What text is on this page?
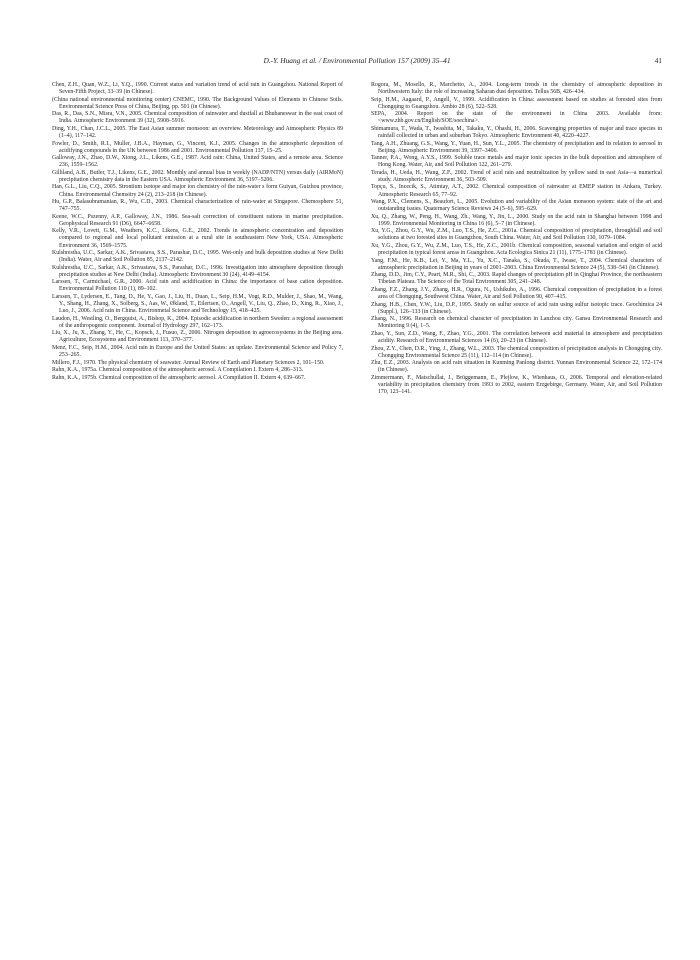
D.-Y. Huang et al. / Environmental Pollution 157 (2009) 35–41	41

Chen, Z.H., Quan, W.Z., Li, Y.Q., 1990. Current status and variation trend of acid rain in Guangzhou. National Report of Seven-Fifth Project, 33–39 (in Chinese).

(China national environmental monitoring center) CNEMC, 1990. The Background Values of Elements in Chinese Soils. Environmental Science Press of China, Beijing, pp. 501 (in Chinese).

Das, R., Das, S.N., Misra, V.N., 2005. Chemical composition of rainwater and dustfall at Bhubaneswar in the east coast of India. Atmospheric Environment 39 (32), 5908–5916.

Ding, Y.H., Chan, J.C.L., 2005. The East Asian summer monsoon: an overview. Meteorology and Atmospheric Physics 89 (1–4), 117–142.

Fowler, D., Smith, R.I., Muller, J.B.A., Hayman, G., Vincent, K.J., 2005. Changes in the atmospheric deposition of acidifying compounds in the UK between 1986 and 2001. Environmental Pollution 137, 15–25.

Galloway, J.N., Zhao, D.W., Xiong, J.L., Likens, G.E., 1987. Acid rain: China, United States, and a remote area. Science 236, 1559–1562.

Gilliland, A.B., Butler, T.J., Likens, G.E., 2002. Monthly and annual bias in weekly (NADP/NTN) versus daily (AIRMoN) precipitation chemistry data in the Eastern USA. Atmospheric Environment 36, 5197–5206.

Han, G.L., Liu, C.Q., 2005. Strontium isotope and major ion chemistry of the rain-water s form Guiyan, Guizhou province, China. Environmental Chemsitry 24 (2), 213–218 (in Chinese).

Hu, G.P., Balasubramanian, R., Wu, C.D., 2003. Chemical characterization of rain-water at Singapore. Chemosphere 51, 747–755.

Keene, W.C., Pszenny, A.P., Galloway, J.N., 1986. Sea-salt correction of constituent rations in marine precipitation. Geophysical Research 91 (D6), 6647–6658.

Kelly, V.R., Lovett, G.M., Weathers, K.C., Likens, G.E., 2002. Trends in atmospheric concentration and deposition compared to regional and local pollutant emission at a rural site in southeastern New York, USA. Atmospheric Environment 36, 1569–1575.

Kulshrestha, U.C., Sarkar, A.K., Srivastava, S.S., Parashar, D.C., 1995. Wet-only and bulk deposition studies at New Delhi (India). Water, Air and Soil Pollution 85, 2137–2142.

Kulshrestha, U.C., Sarkar, A.K., Srivastava, S.S., Parashar, D.C., 1996. Investigation into atmosphere deposition through precipitation studies at New Delhi (India). Atmospheric Environment 30 (24), 4149–4154.

Larssen, T., Carmichael, G.R., 2000. Acid rain and acidification in China: the importance of base cation deposition. Environmental Pollution 110 (1), 89–102.

Larssen, T., Lydersen, E., Tang, D., He, Y., Gao, J., Liu, H., Duan, L., Seip, H.M., Vogt, R.D., Mulder, J., Shao, M., Wang, Y., Shang, H., Zhang, X., Solberg, S., Aas, W., Økland, T., Eilertsen, O., Angell, V., Liu, Q., Zhao, D., Xing, R., Xiao, J., Luo, J., 2006. Acid rain in China. Environmetal Science and Technology 15, 418–425.

Laudon, H., Westling, O., Bergquist, A., Bishop, K., 2004. Episodic acidification in northern Sweden: a regional assessment of the anthropogenic component. Journal of Hydrology 297, 162–173.

Liu, X., Ju, X., Zhang, Y., He, C., Kopsch, J., Fusuo, Z., 2006. Nitrogen deposition in agroecosystems in the Beijing area. Agriculture, Ecosystems and Environment 113, 370–377.

Menz, F.C., Seip, H.M., 2004. Acid rain in Europe and the United States: an update. Environmental Science and Policy 7, 253–265.

Millero, F.J., 1970. The physical chemistry of seawater. Annual Review of Earth and Planetary Sciences 2, 101–150.

Rahn, K.A., 1975a. Chemical composition of the atmospheric aerosol. A Compilation I. Extern 4, 286–313.

Rahn, K.A., 1975b. Chemical composition of the atmospheric aerosol. A Compilation II. Extern 4, 639–667.

Rogora, M., Mosello, R., Marchetto, A., 2004. Long-term trends in the chemistry of atmospheric deposition in Northwestern Italy: the role of increasing Saharan dust deposition. Tellus 56B, 426–434.

Seip, H.M., Aagaard, P., Angell, V., 1999. Acidification in China: assessment based on studies at forested sites from Chongqing to Guangzhou. Ambio 28 (6), 522–528.

SEPA, 2004. Report on the state of the environment in China 2003. Available from: <www.zhb.gov.cn/English/SOE/soechina>.

Shimamura, T., Wada, T., Iwashita, M., Takaku, Y., Ohashi, H., 2006. Scavenging properties of major and trace species in rainfall collected in urban and suburban Tokyo. Atmospheric Environment 40, 4220–4227.

Tang, A.H., Zhuang, G.S., Wang, Y., Yuan, H., Sun, Y.L., 2005. The chemistry of precipitation and its relation to aerosol in Beijing. Atmospheric Environment 39, 3397–3406.

Tanner, P.A., Wong, A.Y.S., 1999. Soluble trace metals and major ionic species in the bulk deposition and atmosphere of Hong Kong. Water, Air, and Soil Pollution 122, 261–279.

Terada, H., Ueda, H., Wang, Z.F., 2002. Trend of acid rain and neutralization by yellow sand in east Asia—a numerical study. Atmospheric Environment 36, 503–509.

Topçu, S., Incecik, S., Atimtay, A.T., 2002. Chemical composition of rainwater at EMEP station in Ankara, Turkey. Atmospheric Research 65, 77–92.

Wang, P.X., Clemens, S., Beaufort, L., 2005. Evolution and variability of the Asian monsoon system: state of the art and outstanding issues. Quaternary Science Reviews 24 (5–6), 595–629.

Xu, Q., Zhang, W., Peng, H., Wang, Zh., Wang, Y., Jin, L., 2000. Study on the acid rain in Shanghai between 1998 and 1999. Environmental Monitoring in China 16 (6), 5–7 (in Chinese).

Xu, Y.G., Zhou, G.Y., Wu, Z.M., Luo, T.S., He, Z.C., 2001a. Chemical composition of precipitation, throughfall and soil solutions at two forested sites in Guangzhou, South China. Water, Air, and Soil Pollution 130, 1079–1084.

Xu, Y.G., Zhou, G.Y., Wu, Z.M., Luo, T.S., He, Z.C., 2001b. Chemical composition, seasonal variation and origin of acid precipitation in typical forest areas in Guangzhou. Acta Ecologica Sinica 21 (11), 1775–1781 (in Chinese).

Yang, F.M., He, K.B., Lei, Y., Ma, Y.L., Yu, X.C., Tanaka, S., Okuda, T., Iwase, T., 2004. Chemical characters of atmospheric precipitation in Beijing in years of 2001–2003. China Environmental Science 24 (5), 538–541 (in Chinese).

Zhang, D.D., Jim, C.Y., Peart, M.R., Shi, C., 2003. Rapid changes of precipitation pH in Qinghai Province, the northeastern Tibetan Plateau. The Science of the Total Environment 305, 241–248.

Zhang, F.Z., Zhang, J.Y., Zhang, H.R., Ogura, N., Ushikubo, A., 1996. Chemical composition of precipitation in a forest area of Chongqing, Southwest China. Water, Air and Soil Pollution 90, 407–415.

Zhang, H.B., Chen, Y.W., Liu, D.P., 1995. Study on sulfur source of acid rain using sulfur isotopic trace. Geochimica 24 (Suppl.), 126–133 (in Chinese).

Zhang, N., 1996. Research on chemical character of precipitation in Lanzhou city. Gansu Environmental Research and Monitoring 9 (4), 1–5.

Zhao, Y., Sun, Z.D., Wang, F., Zhao, Y.G., 2001. The correlation between acid material in atmosphere and precipitation acidity. Research of Environmental Sciences 14 (6), 20–23 (in Chinese).

Zhou, Z.Y., Chen, D.R., Ying, J., Zhang, W.L., 2003. The chemical composition of precipitation analysis in Chongqing city. Chongqing Environmental Science 25 (11), 112–114 (in Chinese).

Zhu, E.Z., 2003. Analysis on acid rain situation in Kunming Panlong district. Yunnan Environmental Science 22, 172–174 (in Chinese).

Zimmermann, F., Matschullat, J., Brüggemann, E., Plejlow, K., Wienhaus, O., 2006. Temporal and elevation-related variability in precipitation chemistry from 1993 to 2002, eastern Erzgebirge, Germany. Water, Air, and Soil Pollution 170, 123–141.
